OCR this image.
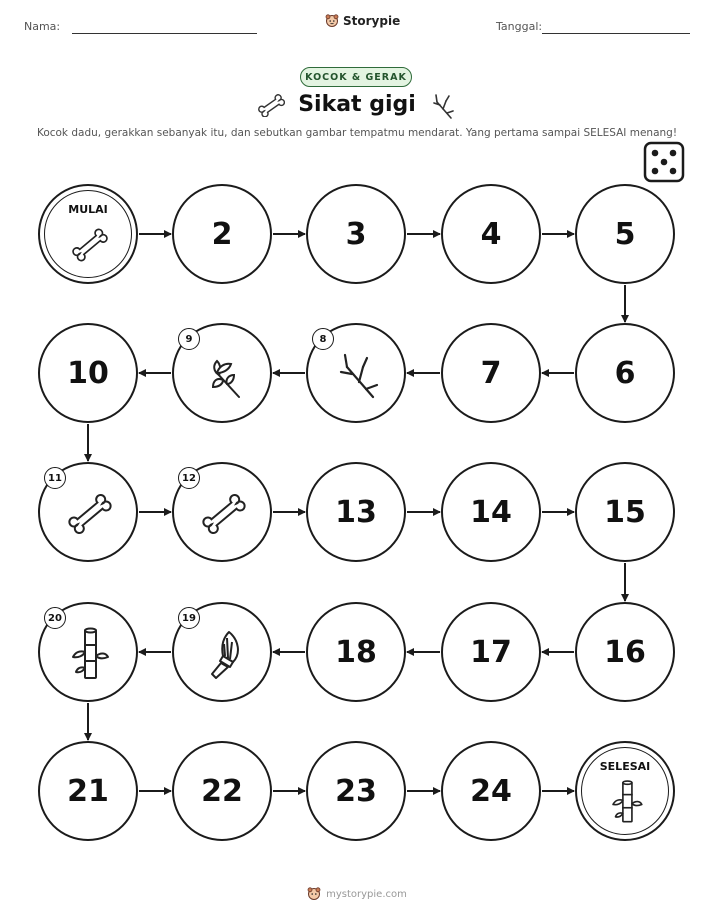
Nama:	Storypie	Tanggal:
KOCOK & GERAK
Sikat gigi
Kocok dadu, gerakkan sebanyak itu, dan sebutkan gambar tempatmu mendarat. Yang pertama sampai SELESAI menang!
MULAI
2	3	4	5
6
7
8
9
10
11	12
13	14	15
16
17
18
19
20
21	22	23	24
SELESAI
mystorypie.com
